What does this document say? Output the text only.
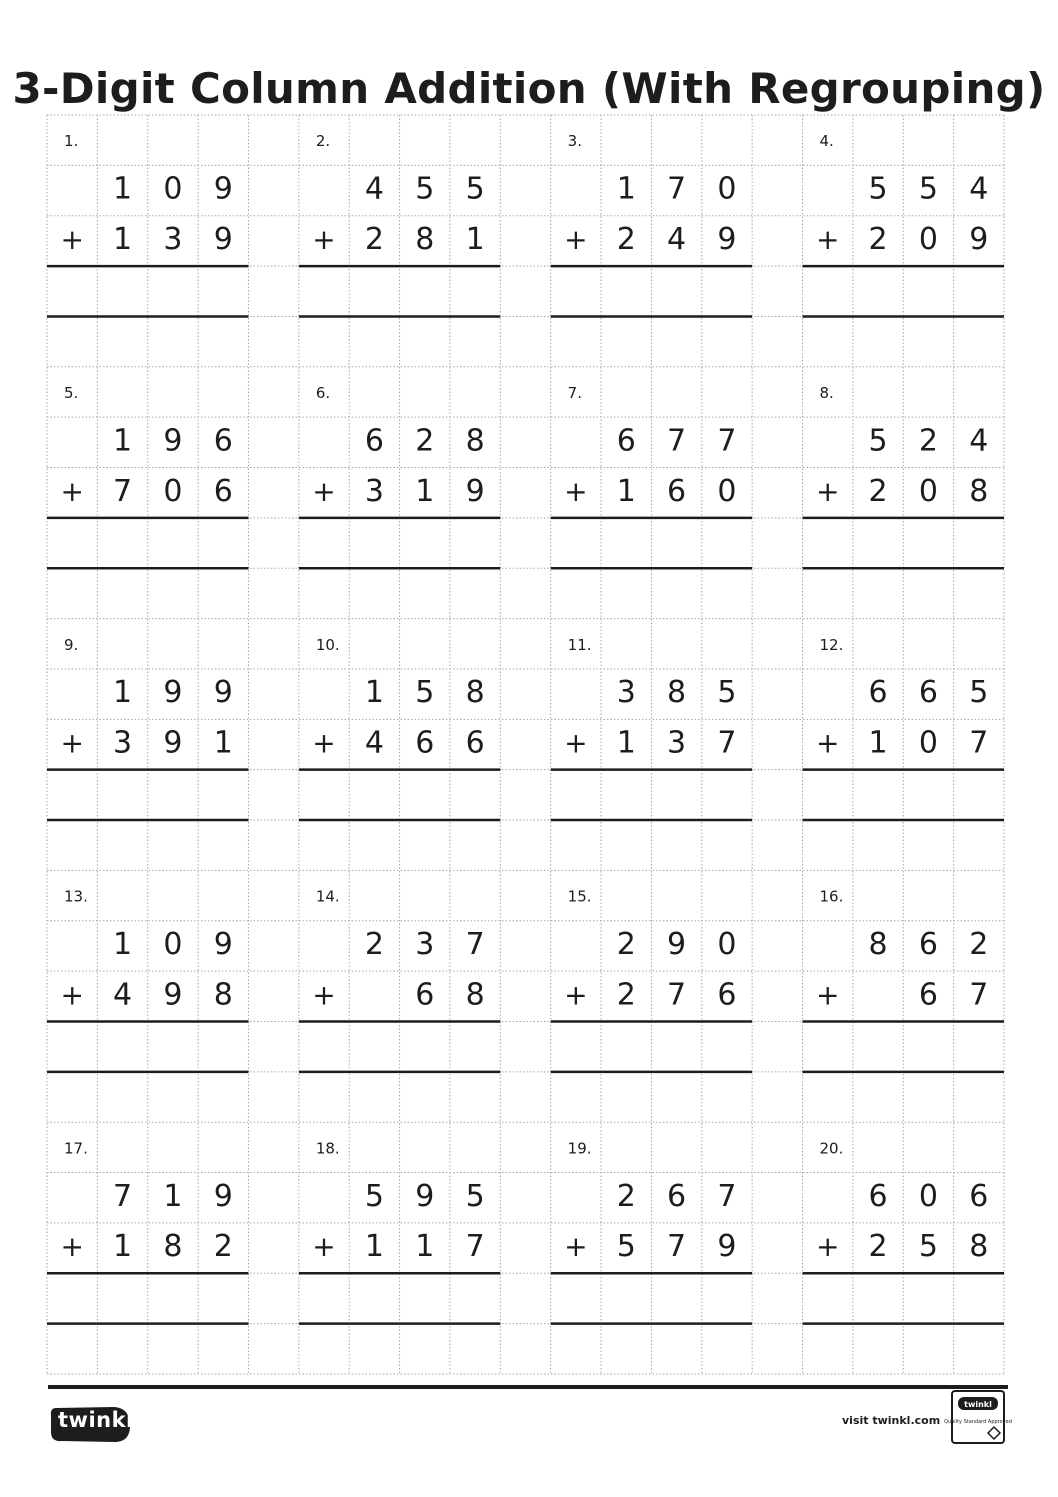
3-Digit Column Addition (With Regrouping)
1.
1 0 9
1 3 9
+
2.
4 5 5
2 8 1
+
3.
1 7 0
2 4 9
+
4.
5 5 4
2 0 9
+
5.
1 9 6
7 0 6
+
6.
6 2 8
3 1 9
+
7.
6 7 7
1 6 0
+
8.
5 2 4
2 0 8
+
9.
1 9 9
3 9 1
+
10.
1 5 8
4 6 6
+
11.
3 8 5
1 3 7
+
12.
6 6 5
1 0 7
+
13.
1 0 9
4 9 8
+
14.
2 3 7
6 8
+
15.
2 9 0
2 7 6
+
16.
8 6 2
6 7
+
17.
7 1 9
1 8 2
+
18.
5 9 5
1 1 7
+
19.
2 6 7
5 7 9
+
20.
6 0 6
2 5 8
+
twinkl	visit twinkl.com
twinkl
Quality Standard Approved
